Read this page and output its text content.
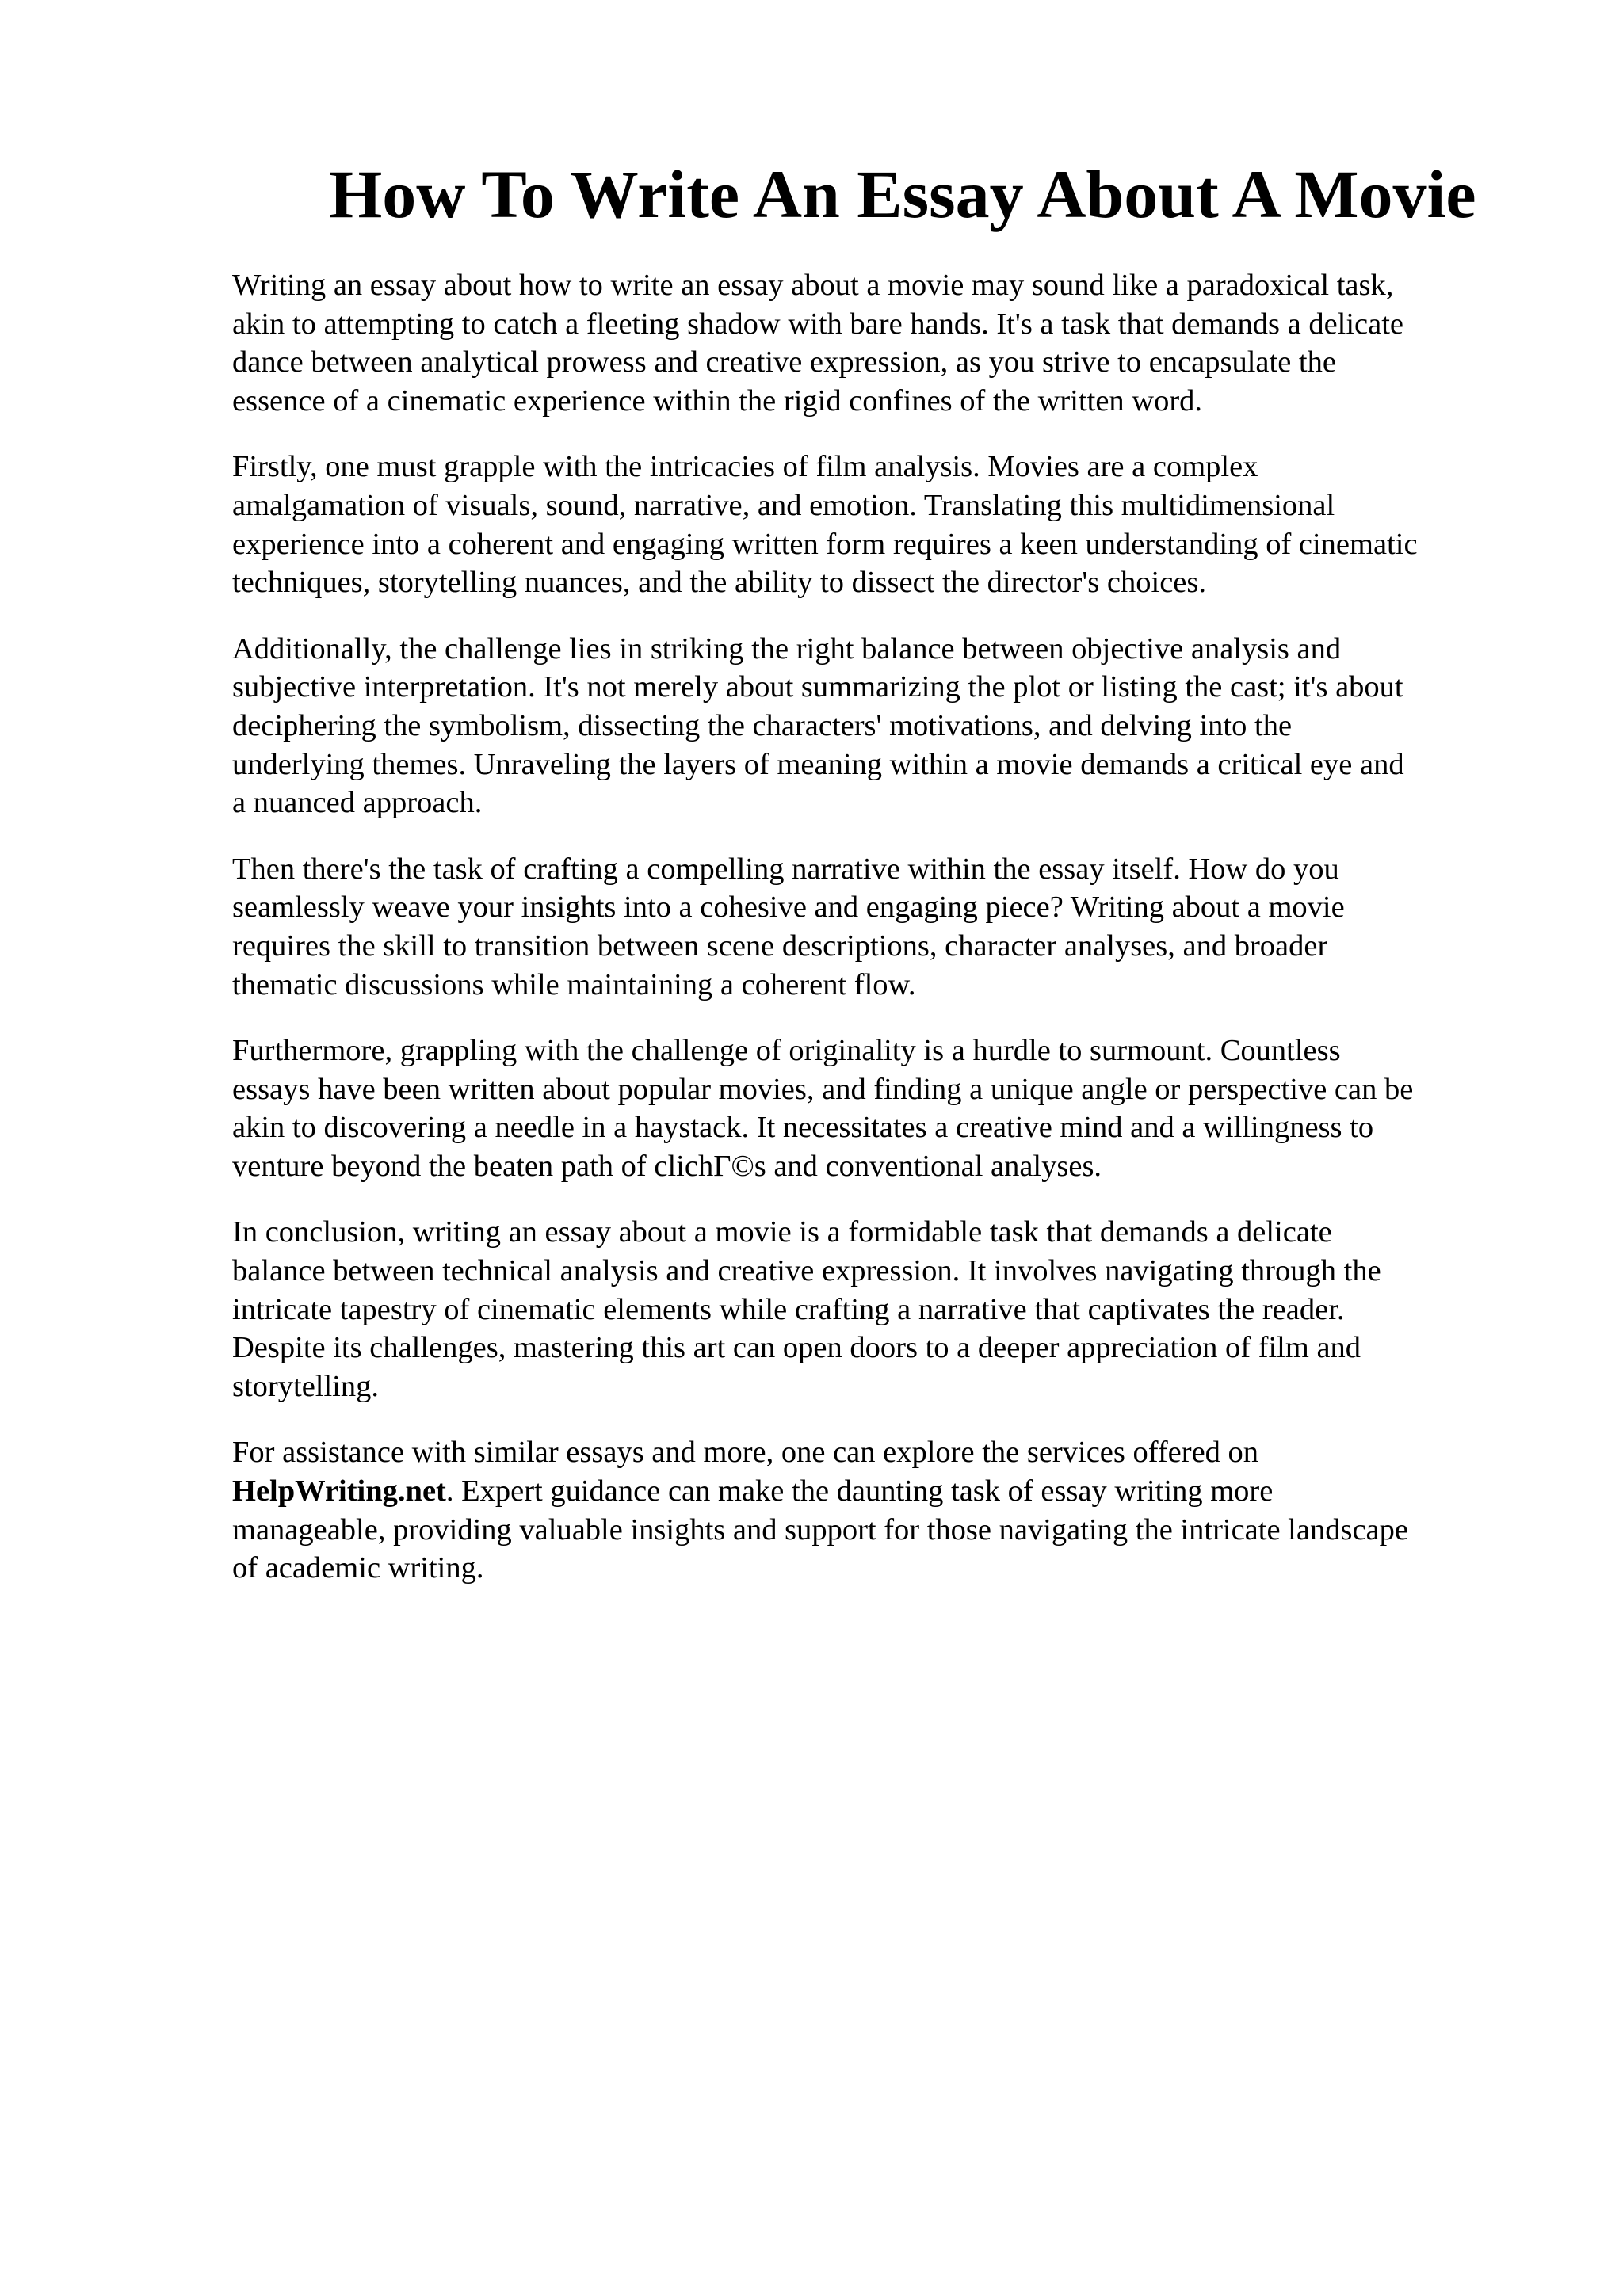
How To Write An Essay About A Movie

Writing an essay about how to write an essay about a movie may sound like a paradoxical task,
akin to attempting to catch a fleeting shadow with bare hands. It's a task that demands a delicate
dance between analytical prowess and creative expression, as you strive to encapsulate the
essence of a cinematic experience within the rigid confines of the written word.

Firstly, one must grapple with the intricacies of film analysis. Movies are a complex
amalgamation of visuals, sound, narrative, and emotion. Translating this multidimensional
experience into a coherent and engaging written form requires a keen understanding of cinematic
techniques, storytelling nuances, and the ability to dissect the director's choices.

Additionally, the challenge lies in striking the right balance between objective analysis and
subjective interpretation. It's not merely about summarizing the plot or listing the cast; it's about
deciphering the symbolism, dissecting the characters' motivations, and delving into the
underlying themes. Unraveling the layers of meaning within a movie demands a critical eye and
a nuanced approach.

Then there's the task of crafting a compelling narrative within the essay itself. How do you
seamlessly weave your insights into a cohesive and engaging piece? Writing about a movie
requires the skill to transition between scene descriptions, character analyses, and broader
thematic discussions while maintaining a coherent flow.

Furthermore, grappling with the challenge of originality is a hurdle to surmount. Countless
essays have been written about popular movies, and finding a unique angle or perspective can be
akin to discovering a needle in a haystack. It necessitates a creative mind and a willingness to
venture beyond the beaten path of clichΓ©s and conventional analyses.

In conclusion, writing an essay about a movie is a formidable task that demands a delicate
balance between technical analysis and creative expression. It involves navigating through the
intricate tapestry of cinematic elements while crafting a narrative that captivates the reader.
Despite its challenges, mastering this art can open doors to a deeper appreciation of film and
storytelling.

For assistance with similar essays and more, one can explore the services offered on
HelpWriting.net. Expert guidance can make the daunting task of essay writing more
manageable, providing valuable insights and support for those navigating the intricate landscape
of academic writing.
